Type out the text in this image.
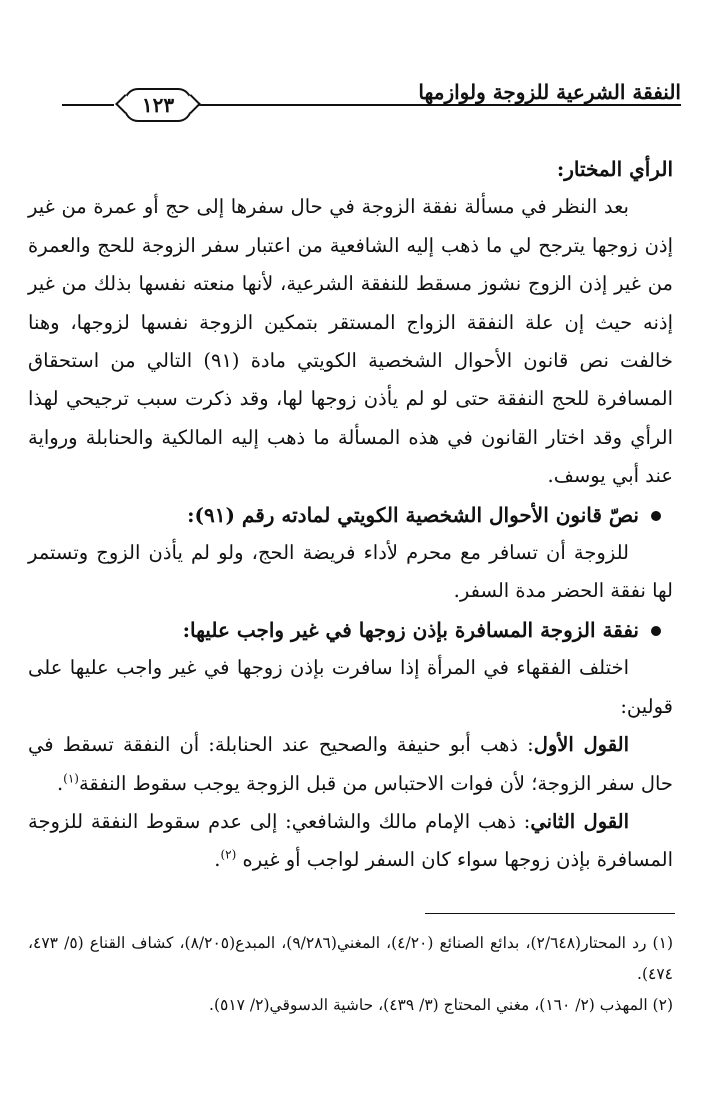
النفقة الشرعية للزوجة ولوازمها
١٢٣

الرأي المختار:

بعد النظر في مسألة نفقة الزوجة في حال سفرها إلى حج أو عمرة من غير إذن زوجها يترجح لي ما ذهب إليه الشافعية من اعتبار سفر الزوجة للحج والعمرة من غير إذن الزوج نشوز مسقط للنفقة الشرعية، لأنها منعته نفسها بذلك من غير إذنه حيث إن علة النفقة الزواج المستقر بتمكين الزوجة نفسها لزوجها، وهنا خالفت نص قانون الأحوال الشخصية الكويتي مادة (٩١) التالي من استحقاق المسافرة للحج النفقة حتى لو لم يأذن زوجها لها، وقد ذكرت سبب ترجيحي لهذا الرأي وقد اختار القانون في هذه المسألة ما ذهب إليه المالكية والحنابلة ورواية عند أبي يوسف.

نصّ قانون الأحوال الشخصية الكويتي لمادته رقم (٩١):

للزوجة أن تسافر مع محرم لأداء فريضة الحج، ولو لم يأذن الزوج وتستمر لها نفقة الحضر مدة السفر.

نفقة الزوجة المسافرة بإذن زوجها في غير واجب عليها:

اختلف الفقهاء في المرأة إذا سافرت بإذن زوجها في غير واجب عليها على قولين:

القول الأول: ذهب أبو حنيفة والصحيح عند الحنابلة: أن النفقة تسقط في حال سفر الزوجة؛ لأن فوات الاحتباس من قبل الزوجة يوجب سقوط النفقة$^{(١)}$.

القول الثاني: ذهب الإمام مالك والشافعي: إلى عدم سقوط النفقة للزوجة المسافرة بإذن زوجها سواء كان السفر لواجب أو غيره $^{(٢)}$.

(١) رد المحتار(٢/٦٤٨)، بدائع الصنائع (٤/٢٠)، المغني(٩/٢٨٦)، المبدع(٨/٢٠٥)، كشاف القناع (٥/ ٤٧٣، ٤٧٤).

(٢) المهذب (٢/ ١٦٠)، مغني المحتاج (٣/ ٤٣٩)، حاشية الدسوقي(٢/ ٥١٧).
